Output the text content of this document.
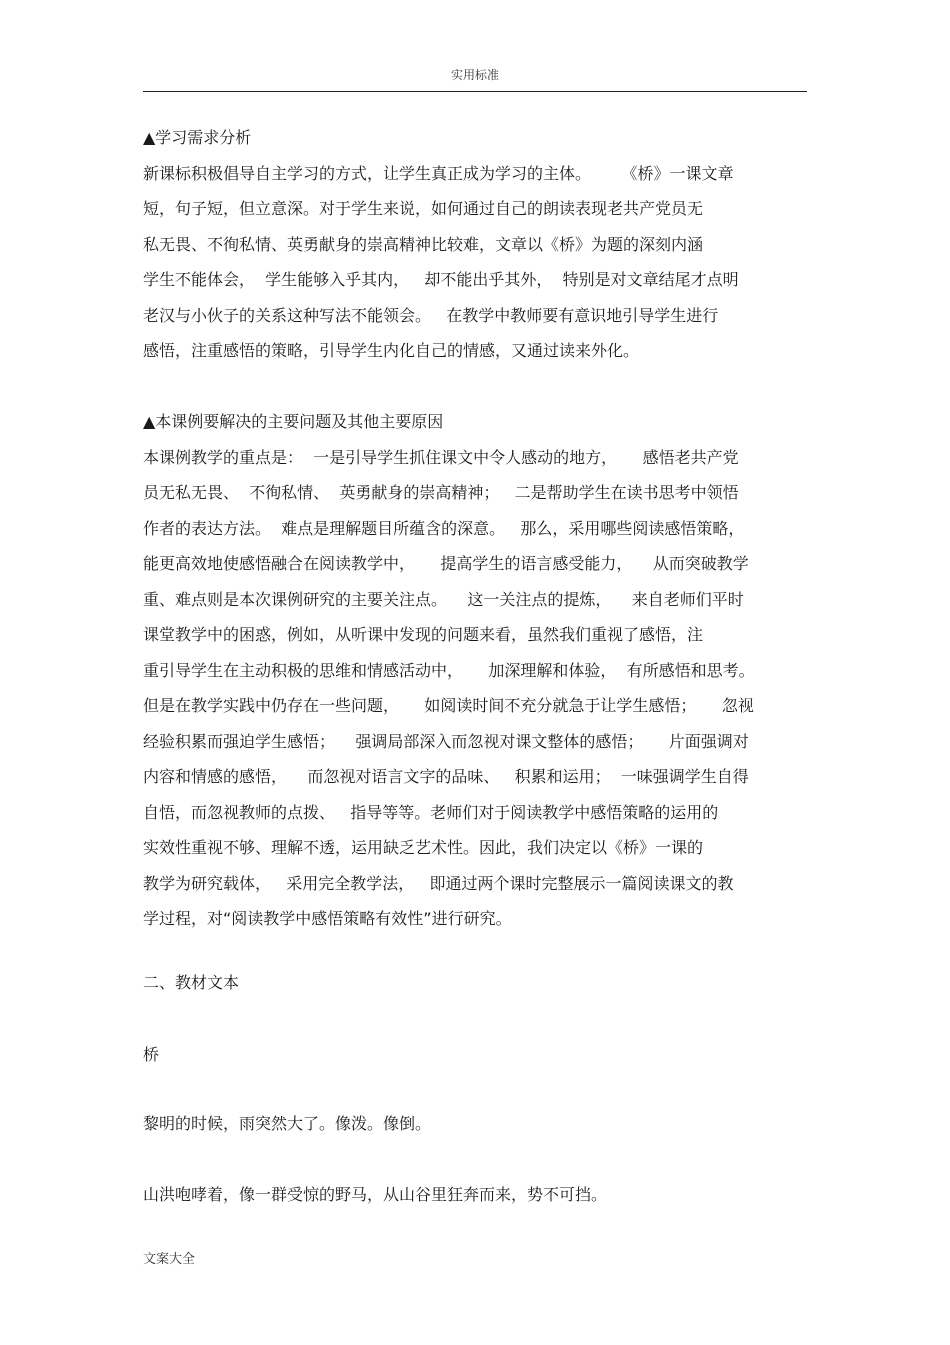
实用标准
▲学习需求分析
新课标积极倡导自主学习的方式，让学生真正成为学习的主体。      《桥》一课文章
短，句子短，但立意深。对于学生来说，如何通过自己的朗读表现老共产党员无
私无畏、不徇私情、英勇献身的崇高精神比较难，文章以《桥》为题的深刻内涵
学生不能体会，  学生能够入乎其内，   却不能出乎其外，  特别是对文章结尾才点明
老汉与小伙子的关系这种写法不能领会。   在教学中教师要有意识地引导学生进行
感悟，注重感悟的策略，引导学生内化自己的情感，又通过读来外化。
▲本课例要解决的主要问题及其他主要原因
本课例教学的重点是：  一是引导学生抓住课文中令人感动的地方，     感悟老共产党
员无私无畏、  不徇私情、  英勇献身的崇高精神；   二是帮助学生在读书思考中领悟
作者的表达方法。  难点是理解题目所蕴含的深意。   那么，采用哪些阅读感悟策略，
能更高效地使感悟融合在阅读教学中，     提高学生的语言感受能力，    从而突破教学
重、难点则是本次课例研究的主要关注点。    这一关注点的提炼，    来自老师们平时
课堂教学中的困惑，例如，从听课中发现的问题来看，虽然我们重视了感悟，注
重引导学生在主动积极的思维和情感活动中，     加深理解和体验，  有所感悟和思考。
但是在教学实践中仍存在一些问题，     如阅读时间不充分就急于让学生感悟；     忽视
经验积累而强迫学生感悟；    强调局部深入而忽视对课文整体的感悟；     片面强调对
内容和情感的感悟，    而忽视对语言文字的品味、   积累和运用；  一味强调学生自得
自悟，而忽视教师的点拨、   指导等等。老师们对于阅读教学中感悟策略的运用的
实效性重视不够、理解不透，运用缺乏艺术性。因此，我们决定以《桥》一课的
教学为研究载体，   采用完全教学法，   即通过两个课时完整展示一篇阅读课文的教
学过程，对“阅读教学中感悟策略有效性”进行研究。
二、教材文本
桥
黎明的时候，雨突然大了。像泼。像倒。
山洪咆哮着，像一群受惊的野马，从山谷里狂奔而来，势不可挡。
文案大全
